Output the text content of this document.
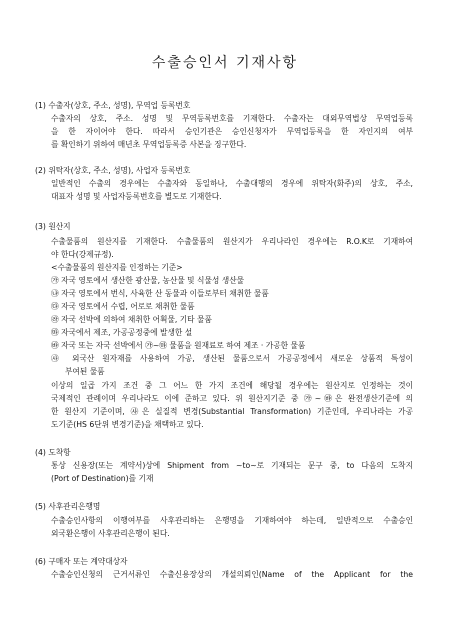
수출승인서 기재사항
(1) 수출자(상호, 주소, 성명), 무역업 등록번호
수출자의 상호, 주소. 성명 및 무역등록번호를 기재한다. 수출자는 대외무역법상 무역업등록
을 한 자이어야 한다. 따라서 승인기관은 승인신청자가 무역업등록을 한 자인지의 여부
를 확인하기 위하여 매년초 무역업등록증 사본을 징구한다.
(2) 위탁자(상호, 주소, 성명), 사업자 등록번호
일반적인 수출의 경우에는 수출자와 동일하나, 수출대행의 경우에 위탁자(화주)의 상호, 주소,
대표자 성명 및 사업자등록번호를 별도로 기재한다.
(3) 원산지
수출물품의 원산지를 기재한다. 수출물품의 원산지가 우리나라인 경우에는 R.O.K로 기재하여
야 한다(강제규정).
<수출물품의 원산지를 인정하는 기준>
㉮ 자국 영토에서 생산한 광산물, 농산물 및 식물성 생산물
㉯ 자국 영토에서 번식, 사육한 산 동물과 이들로부터 채취한 물품
㉰ 자국 영토에서 수렵, 어로로 채취한 물품
㉱ 자국 선박에 의하여 채취한 어획물, 기타 물품
㉲ 자국에서 제조, 가공공정중에 발생한 설
㉳ 자국 또는 자국 선박에서 ㉮~㉲ 물품을 원재료로 하여 제조 · 가공한 물품
㉴ 외국산 원자재를 사용하여 가공, 생산된 물품으로서 가공공정에서 새로운 상품적 특성이
부여된 물품
이상의 일곱 가지 조건 중 그 어느 한 가지 조건에 해당될 경우에는 원산지로 인정하는 것이
국제적인 관례이며 우리나라도 이에 준하고 있다. 위 원산지기준 중 ㉮~㉳은 완전생산기준에 의
한 원산지 기준이며, ㉴은 실질적 변경(Substantial Transformation) 기준인데, 우리나라는 가공
도기준(HS 6단위 변경기준)을 채택하고 있다.
(4) 도착항
통상 신용장(또는 계약서)상에 Shipment from ~to~로 기재되는 문구 중, to 다음의 도착지
(Port of Destination)를 기재
(5) 사후관리은행명
수출승인사항의 이행여부를 사후관리하는 은행명을 기재하여야 하는데, 일반적으로 수출승인
외국환은행이 사후관리은행이 된다.
(6) 구매자 또는 계약대상자
수출승인신청의 근거서류인 수출신용장상의 개설의뢰인(Name of the Applicant for the
